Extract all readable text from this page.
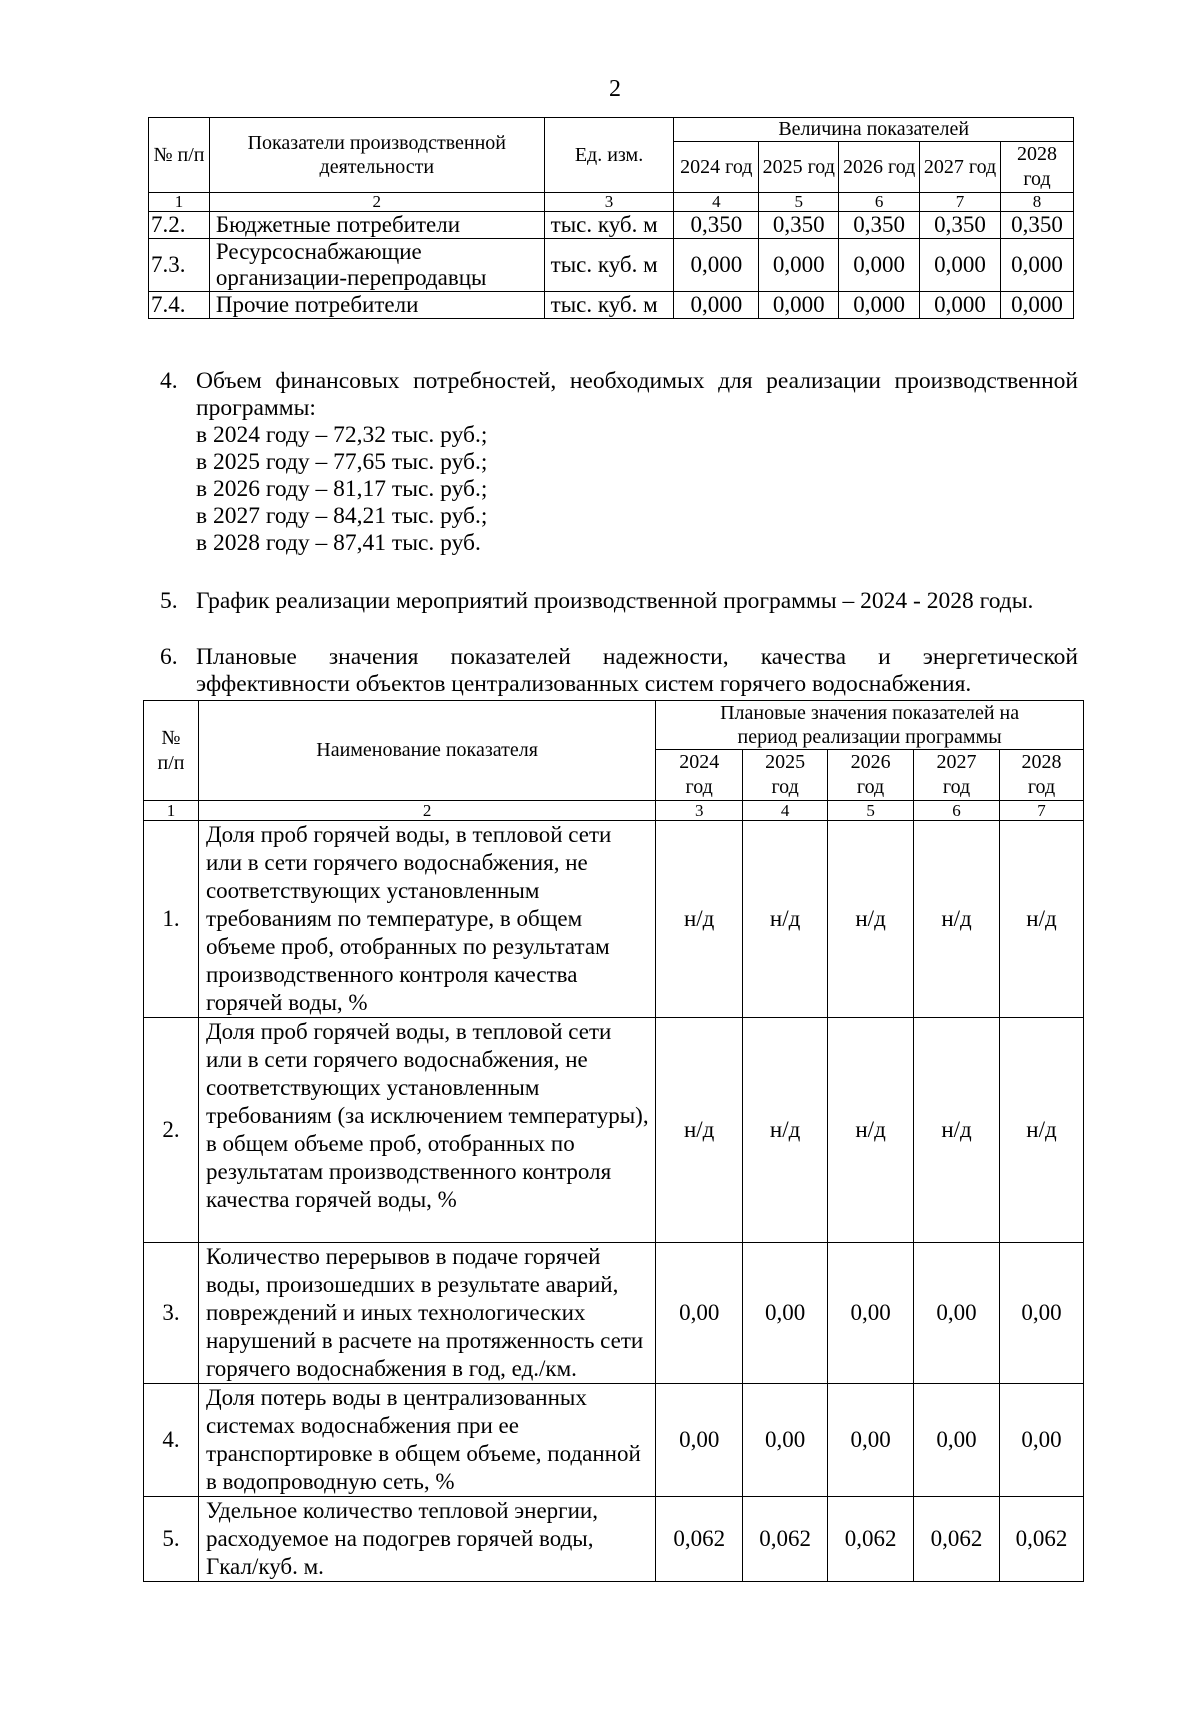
2
№ п/п	Показатели производственной деятельности	Ед. изм.	Величина показателей				
			2024 год	2025 год	2026 год	2027 год	2028 год
1	2	3	4	5	6	7	8
7.2.	Бюджетные потребители	тыс. куб. м	0,350	0,350	0,350	0,350	0,350
7.3.	Ресурсоснабжающие организации-перепродавцы	тыс. куб. м	0,000	0,000	0,000	0,000	0,000
7.4.	Прочие потребители	тыс. куб. м	0,000	0,000	0,000	0,000	0,000
4. Объем финансовых потребностей, необходимых для реализации производственной программы:
в 2024 году – 72,32 тыс. руб.;
в 2025 году – 77,65 тыс. руб.;
в 2026 году – 81,17 тыс. руб.;
в 2027 году – 84,21 тыс. руб.;
в 2028 году – 87,41 тыс. руб.
5. График реализации мероприятий производственной программы – 2024 - 2028 годы.
6. Плановые значения показателей надежности, качества и энергетической
эффективности объектов централизованных систем горячего водоснабжения.
№ п/п	Наименование показателя	Плановые значения показателей на период реализации программы				
		2024 год	2025 год	2026 год	2027 год	2028 год
1	2	3	4	5	6	7
1.	Доля проб горячей воды, в тепловой сети или в сети горячего водоснабжения, не соответствующих установленным требованиям по температуре, в общем объеме проб, отобранных по результатам производственного контроля качества горячей воды, %	н/д	н/д	н/д	н/д	н/д
2.	Доля проб горячей воды, в тепловой сети или в сети горячего водоснабжения, не соответствующих установленным требованиям (за исключением температуры), в общем объеме проб, отобранных по результатам производственного контроля качества горячей воды, %	н/д	н/д	н/д	н/д	н/д
3.	Количество перерывов в подаче горячей воды, произошедших в результате аварий, повреждений и иных технологических нарушений в расчете на протяженность сети горячего водоснабжения в год, ед./км.	0,00	0,00	0,00	0,00	0,00
4.	Доля потерь воды в централизованных системах водоснабжения при ее транспортировке в общем объеме, поданной в водопроводную сеть, %	0,00	0,00	0,00	0,00	0,00
5.	Удельное количество тепловой энергии, расходуемое на подогрев горячей воды, Гкал/куб. м.	0,062	0,062	0,062	0,062	0,062
